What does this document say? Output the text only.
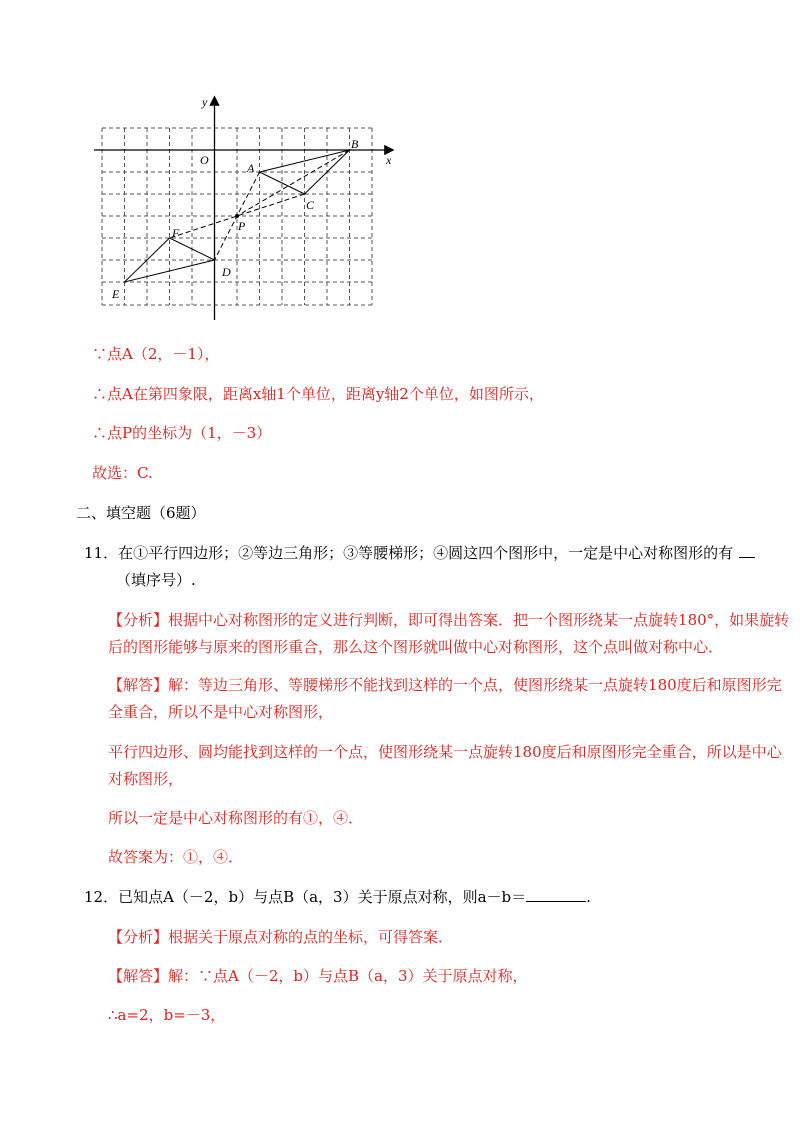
y
x
O
A
B
C
D
E
F	P
∵点A（2，－1），
∴点A在第四象限，距离x轴1个单位，距离y轴2个单位，如图所示，
∴点P的坐标为（1，－3）
故选：C.
二、填空题（6题）
11．在①平行四边形；②等边三角形；③等腰梯形；④圆这四个图形中，一定是中心对称图形的有
（填序号）.
【分析】根据中心对称图形的定义进行判断，即可得出答案．把一个图形绕某一点旋转180°，如果旋转
后的图形能够与原来的图形重合，那么这个图形就叫做中心对称图形，这个点叫做对称中心．
【解答】解：等边三角形、等腰梯形不能找到这样的一个点，使图形绕某一点旋转180度后和原图形完
全重合，所以不是中心对称图形，
平行四边形、圆均能找到这样的一个点，使图形绕某一点旋转180度后和原图形完全重合，所以是中心
对称图形，
所以一定是中心对称图形的有①，④．
故答案为：①，④．
12．已知点A（－2，b）与点B（a，3）关于原点对称，则a－b＝	.
【分析】根据关于原点对称的点的坐标，可得答案．
【解答】解：∵点A（－2，b）与点B（a，3）关于原点对称，
∴a=2，b=－3，
